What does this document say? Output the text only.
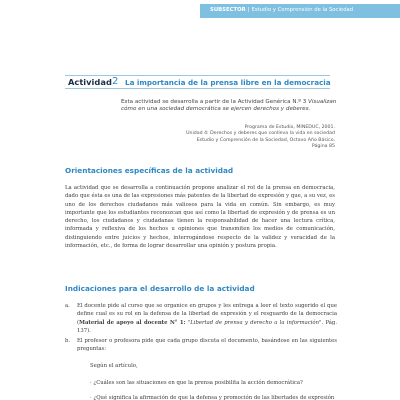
SUBSECTOR | Estudio y Comprensión de la Sociedad
Actividad 2 La importancia de la prensa libre en la democracia
Esta actividad se desarrolla a partir de la Actividad Genérica N.º 3 Visualizan cómo en una sociedad democrática se ejercen derechos y deberes.
Programa de Estudio, MINEDUC, 2001.
Unidad 4: Derechos y deberes que conlleva la vida en sociedad
Estudio y Comprensión de la Sociedad, Octavo Año Básico.
Página 85
Orientaciones específicas de la actividad
La actividad que se desarrolla a continuación propone analizar el rol de la prensa en democracia, dado que ésta es una de las expresiones más patentes de la libertad de expresión y que, a su vez, es uno de los derechos ciudadanos más valiosos para la vida en común. Sin embargo, es muy importante que los estudiantes reconozcan que así como la libertad de expresión y de prensa es un derecho, los ciudadanos y ciudadanas tienen la responsabilidad de hacer una lectura crítica, informada y reflexiva de los hechos u opiniones que transmiten los medios de comunicación, distinguiendo entre juicios y hechos, interrogándose respecto de la validez y veracidad de la información, etc., de forma de lograr desarrollar una opinión y postura propia.
Indicaciones para el desarrollo de la actividad
a. El docente pide al curso que se organice en grupos y les entrega a leer el texto sugerido el que define cual es su rol en la defensa de la libertad de expresión y el resguardo de la democracia (Material de apoyo al docente N° 1: "Libertad de prensa y derecho a la información". Pág. 137).
b. El profesor o profesora pide que cada grupo discuta el documento, basándose en las siguientes preguntas:
Según el artículo,
· ¿Cuáles son las situaciones en que la prensa posibilita la acción democrática?
· ¿Qué significa la afirmación de que la defensa y promoción de las libertades de expresión
